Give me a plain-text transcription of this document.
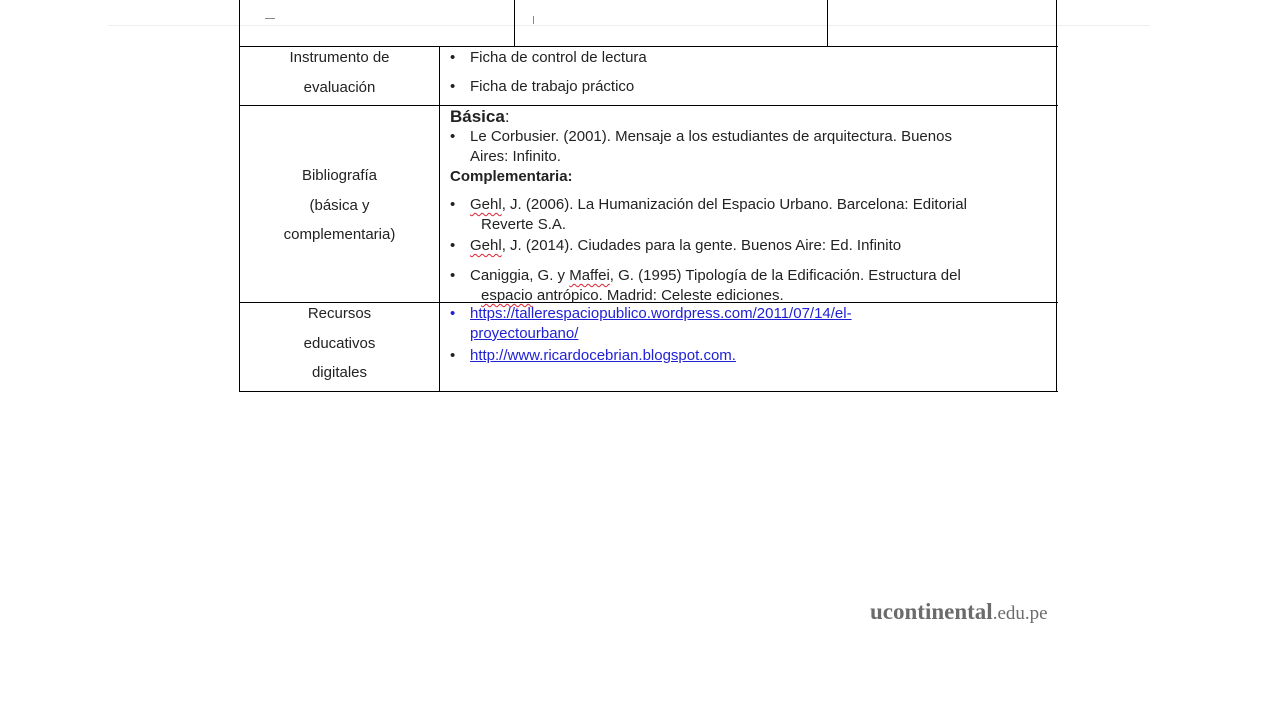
Instrumento de
evaluación
• Ficha de control de lectura
• Ficha de trabajo práctico
Bibliografía
(básica y
complementaria)
Básica:
• Le Corbusier. (2001). Mensaje a los estudiantes de arquitectura. Buenos
Aires: Infinito.
Complementaria:
• Gehl, J. (2006). La Humanización del Espacio Urbano. Barcelona: Editorial
Reverte S.A.
• Gehl, J. (2014). Ciudades para la gente. Buenos Aire: Ed. Infinito
• Caniggia, G. y Maffei, G. (1995) Tipología de la Edificación. Estructura del
espacio antrópico. Madrid: Celeste ediciones.
Recursos
educativos
digitales
• https://tallerespaciopublico.wordpress.com/2011/07/14/el-
proyectourbano/
• http://www.ricardocebrian.blogspot.com.
ucontinental.edu.pe
